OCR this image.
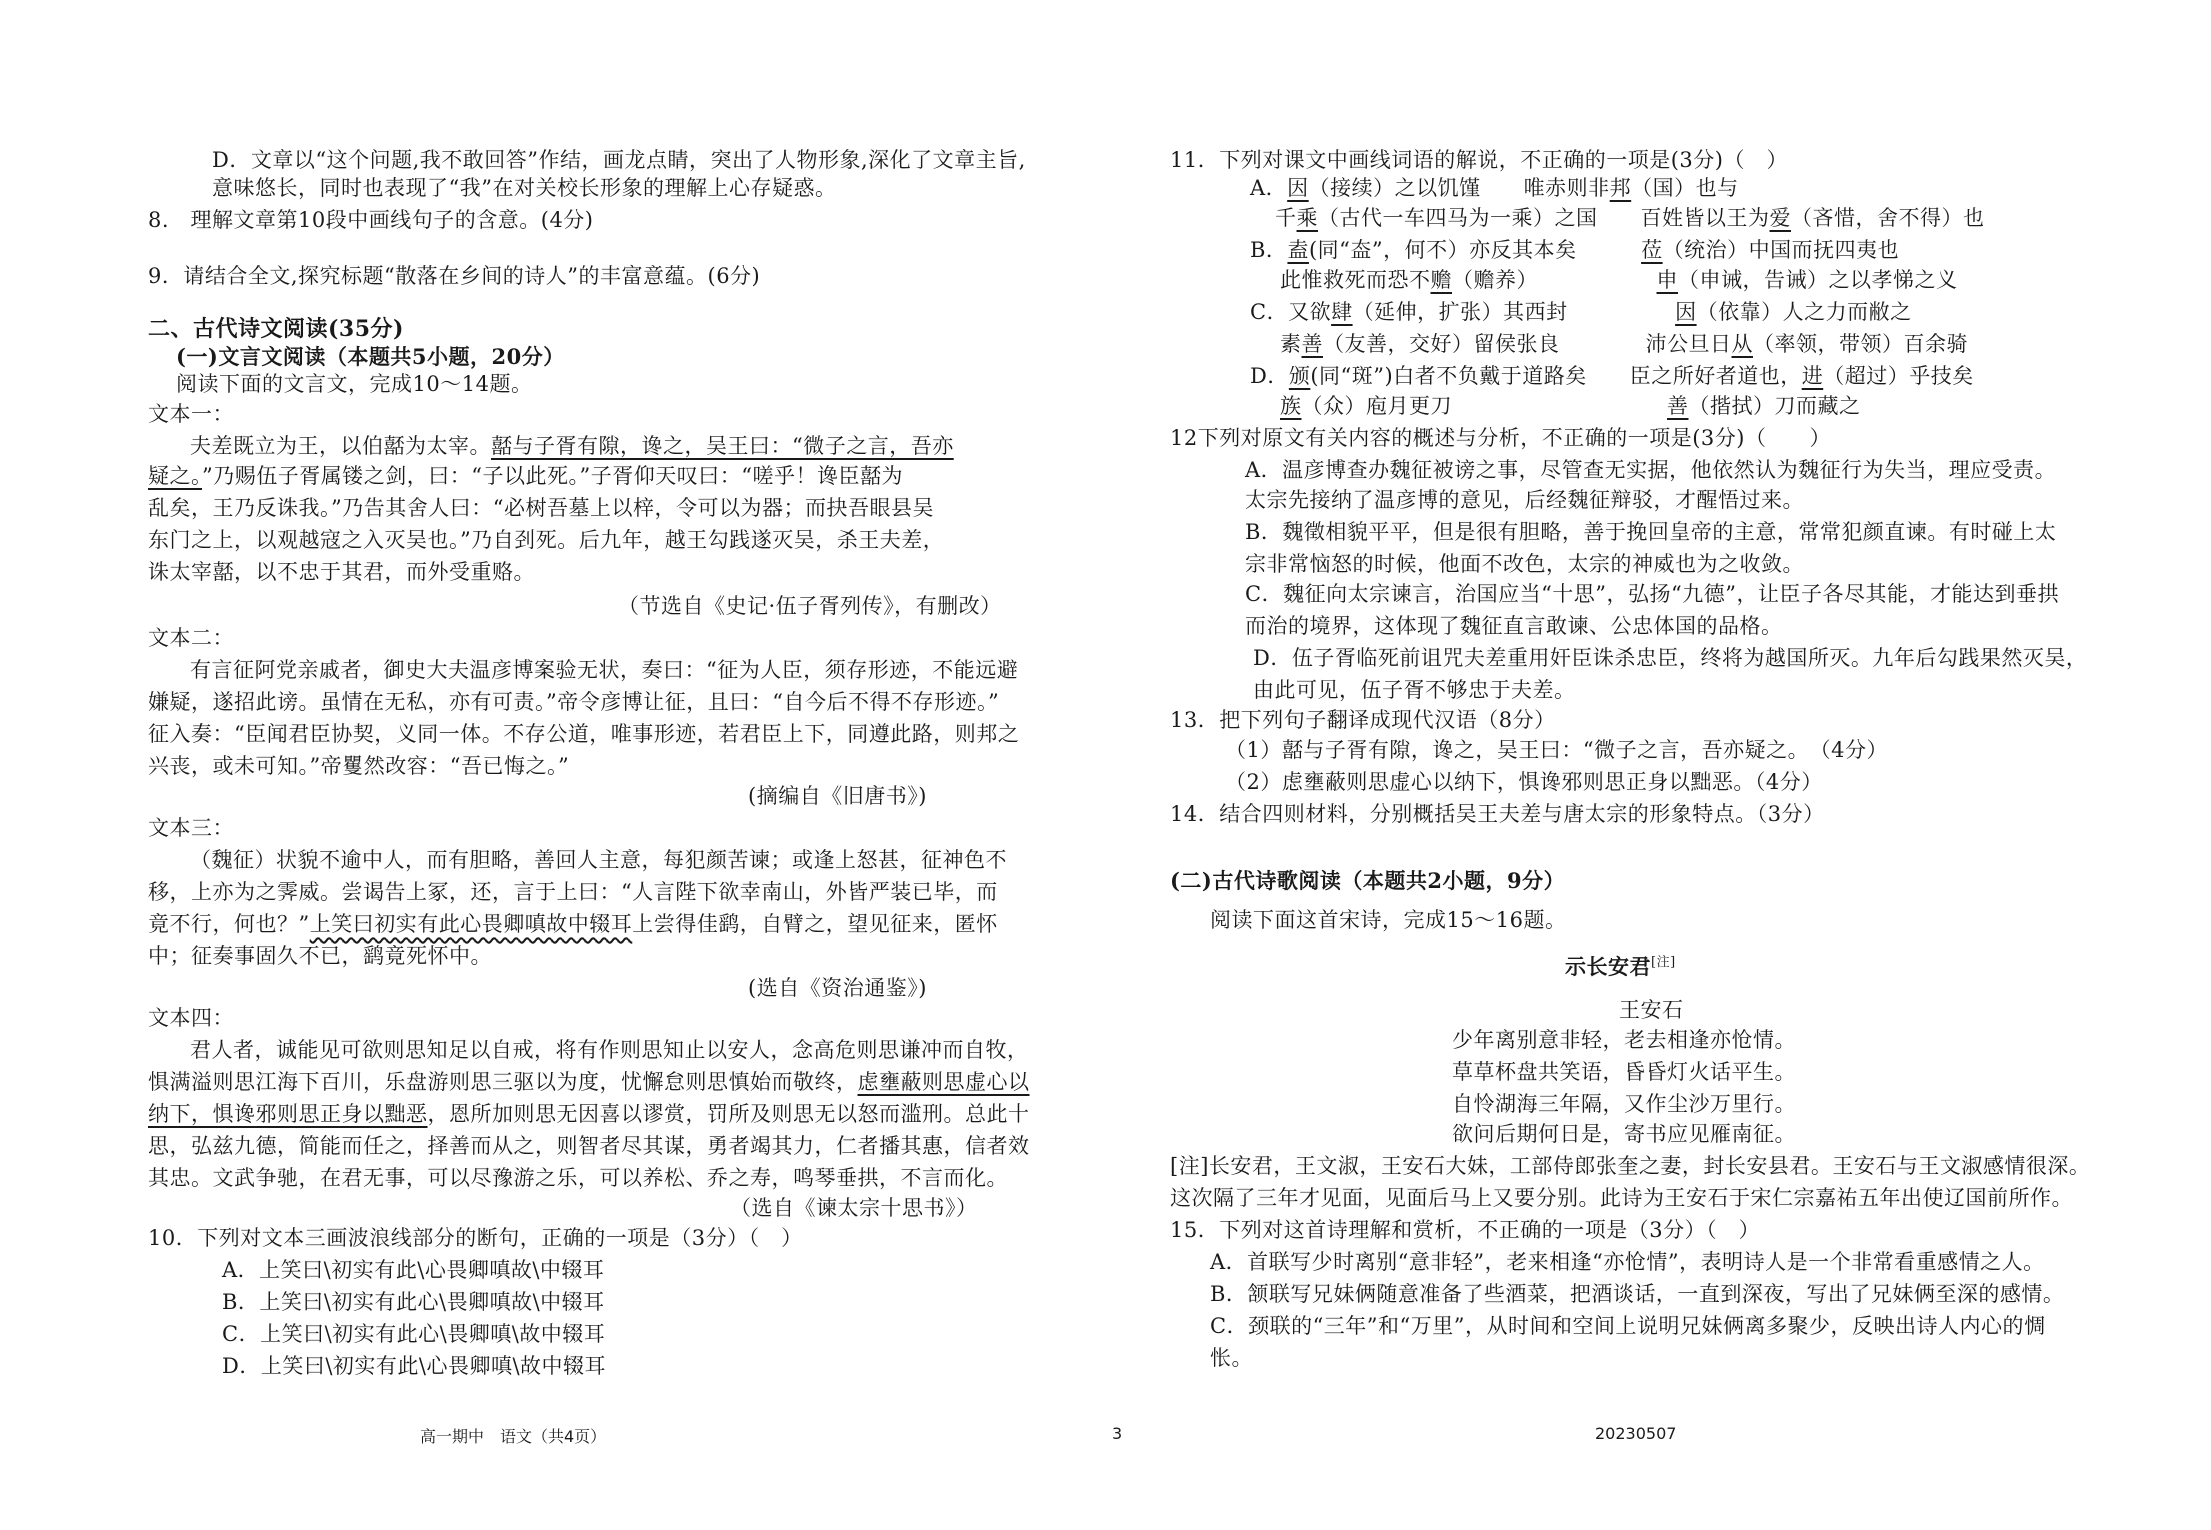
D．文章以“这个问题,我不敢回答”作结，画龙点睛，突出了人物形象,深化了文章主旨,
意味悠长，同时也表现了“我”在对关校长形象的理解上心存疑惑。
8.　理解文章第10段中画线句子的含意。(4分)
9．请结合全文,探究标题“散落在乡间的诗人”的丰富意蕴。(6分)
二、古代诗文阅读(35分)
(一)文言文阅读（本题共5小题，20分）
阅读下面的文言文，完成10～14题。
文本一：
夫差既立为王，以伯嚭为太宰。嚭与子胥有隙，谗之，吴王曰：“微子之言，吾亦
疑之。”乃赐伍子胥属镂之剑，曰：“子以此死。”子胥仰天叹曰：“嗟乎！谗臣嚭为
乱矣，王乃反诛我。”乃告其舍人曰：“必树吾墓上以梓，令可以为器；而抉吾眼县吴
东门之上，以观越寇之入灭吴也。”乃自刭死。后九年，越王勾践遂灭吴，杀王夫差，
诛太宰嚭，以不忠于其君，而外受重赂。
（节选自《史记·伍子胥列传》，有删改）
文本二：
有言征阿党亲戚者，御史大夫温彦博案验无状，奏曰：“征为人臣，须存形迹，不能远避
嫌疑，遂招此谤。虽情在无私，亦有可责。”帝令彦博让征，且曰：“自今后不得不存形迹。”
征入奏：“臣闻君臣协契，义同一体。不存公道，唯事形迹，若君臣上下，同遵此路，则邦之
兴丧，或未可知。”帝矍然改容：“吾已悔之。”
(摘编自《旧唐书》)
文本三：
（魏征）状貌不逾中人，而有胆略，善回人主意，每犯颜苦谏；或逢上怒甚，征神色不
移，上亦为之霁威。尝谒告上冢，还，言于上曰：“人言陛下欲幸南山，外皆严装已毕，而
竟不行，何也？”上笑曰初实有此心畏卿嗔故中辍耳上尝得佳鹞，自臂之，望见征来，匿怀
中；征奏事固久不已，鹞竟死怀中。
(选自《资治通鉴》)
文本四：
君人者，诚能见可欲则思知足以自戒，将有作则思知止以安人，念高危则思谦冲而自牧，
惧满溢则思江海下百川，乐盘游则思三驱以为度，忧懈怠则思慎始而敬终，虑壅蔽则思虚心以
纳下，惧谗邪则思正身以黜恶，恩所加则思无因喜以谬赏，罚所及则思无以怒而滥刑。总此十
思，弘兹九德，简能而任之，择善而从之，则智者尽其谋，勇者竭其力，仁者播其惠，信者效
其忠。文武争驰，在君无事，可以尽豫游之乐，可以养松、乔之寿，鸣琴垂拱，不言而化。
（选自《谏太宗十思书》）
10．下列对文本三画波浪线部分的断句，正确的一项是（3分）（　）
A．上笑曰\初实有此\心畏卿嗔故\中辍耳
B．上笑曰\初实有此心\畏卿嗔故\中辍耳
C．上笑曰\初实有此心\畏卿嗔\故中辍耳
D．上笑曰\初实有此\心畏卿嗔\故中辍耳
11．下列对课文中画线词语的解说，不正确的一项是(3分)（　）
A．因（接续）之以饥馑　　唯赤则非邦（国）也与
千乘（古代一车四马为一乘）之国　　百姓皆以王为爱（吝惜，舍不得）也
B．盍(同“盇”，何不）亦反其本矣　　　莅（统治）中国而抚四夷也
此惟救死而恐不赡（赡养）　　　　　　申（申诫，告诫）之以孝悌之义
C．又欲肆（延伸，扩张）其西封　　　　　因（依靠）人之力而敝之
素善（友善，交好）留侯张良　　　　沛公旦日从（率领，带领）百余骑
D．颁(同“斑”)白者不负戴于道路矣　　臣之所好者道也，进（超过）乎技矣
族（众）庖月更刀　　　　　　　　　　善（揩拭）刀而藏之
12下列对原文有关内容的概述与分析，不正确的一项是(3分)（　　）
A．温彦博查办魏征被谤之事，尽管查无实据，他依然认为魏征行为失当，理应受责。
太宗先接纳了温彦博的意见，后经魏征辩驳，才醒悟过来。
B．魏徵相貌平平，但是很有胆略，善于挽回皇帝的主意，常常犯颜直谏。有时碰上太
宗非常恼怒的时候，他面不改色，太宗的神威也为之收敛。
C．魏征向太宗谏言，治国应当“十思”，弘扬“九德”，让臣子各尽其能，才能达到垂拱
而治的境界，这体现了魏征直言敢谏、公忠体国的品格。
D．伍子胥临死前诅咒夫差重用奸臣诛杀忠臣，终将为越国所灭。九年后勾践果然灭吴，
由此可见，伍子胥不够忠于夫差。
13．把下列句子翻译成现代汉语（8分）
（1）嚭与子胥有隙，谗之，吴王曰：“微子之言，吾亦疑之。　（4分）
（2）虑壅蔽则思虚心以纳下，惧谗邪则思正身以黜恶。（4分）
14．结合四则材料，分别概括吴王夫差与唐太宗的形象特点。（3分）
(二)古代诗歌阅读（本题共2小题，9分）
阅读下面这首宋诗，完成15～16题。
示长安君[注]
王安石
少年离别意非轻，老去相逢亦怆情。
草草杯盘共笑语，昏昏灯火话平生。
自怜湖海三年隔，又作尘沙万里行。
欲问后期何日是，寄书应见雁南征。
[注]长安君，王文淑，王安石大妹，工部侍郎张奎之妻，封长安县君。王安石与王文淑感情很深。
这次隔了三年才见面，见面后马上又要分别。此诗为王安石于宋仁宗嘉祐五年出使辽国前所作。
15．下列对这首诗理解和赏析，不正确的一项是（3分）（　）
A．首联写少时离别“意非轻”，老来相逢“亦怆情”，表明诗人是一个非常看重感情之人。
B．颔联写兄妹俩随意准备了些酒菜，把酒谈话，一直到深夜，写出了兄妹俩至深的感情。
C．颈联的“三年”和“万里”，从时间和空间上说明兄妹俩离多聚少，反映出诗人内心的惆
怅。
高一期中　语文（共4页）	3	20230507
